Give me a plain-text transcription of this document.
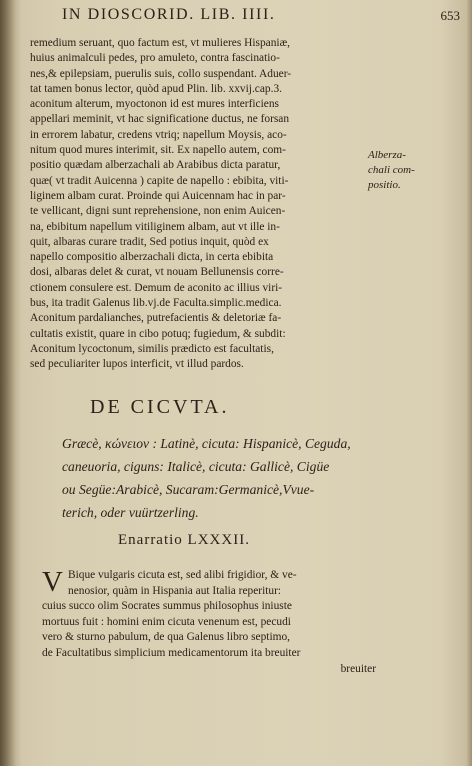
IN DIOSCORID. LIB. IIII.	653
remedium seruant, quo factum est, vt mulieres Hispaniæ,
huius animalculi pedes, pro amuleto, contra fascinatio-
nes,& epilepsiam, puerulis suis, collo suspendant. Aduer-
tat tamen bonus lector, quòd apud Plin. lib. xxvij.cap.3.
aconitum alterum, myoctonon id est mures interficiens
appellari meminit, vt hac significatione ductus, ne forsan
in errorem labatur, credens vtriq; napellum Moysis, aco-
nitum quod mures interimit, sit. Ex napello autem, com-
positio quædam alberzachali ab Arabibus dicta paratur,
quæ( vt tradit Auicenna ) capite de napello : ebibita, viti-
liginem albam curat. Proinde qui Auicennam hac in par-
te vellicant, digni sunt reprehensione, non enim Auicen-
na, ebibitum napellum vitiliginem albam, aut vt ille in-
quit, albaras curare tradit, Sed potius inquit, quòd ex
napello compositio alberzachali dicta, in certa ebibita
dosi, albaras delet & curat, vt nouam Bellunensis corre-
ctionem consulere est. Demum de aconito ac illius viri-
bus, ita tradit Galenus lib.vj.de Faculta.simplic.medica.
Aconitum pardalianches, putrefacientis & deletoriæ fa-
cultatis existit, quare in cibo potuq; fugiedum, & subdit:
Aconitum lycoctonum, similis prædicto est facultatis,
sed peculiariter lupos interficit, vt illud pardos.
Alberza-
chali com-
positio.
DE CICVTA.
Græcè, κώνειον : Latinè, cicuta: Hispanicè, Ceguda,
caneuoria, ciguns: Italicè, cicuta: Gallicè, Cigüe
ou Següe:Arabicè, Sucaram:Germanicè,Vvue-
terich, oder vuürtzerling.
Enarratio LXXXII.
V Bique vulgaris cicuta est, sed alibi frigidior, & ve-
nenosior, quàm in Hispania aut Italia reperitur:
cuius succo olim Socrates summus philosophus iniuste
mortuus fuit : homini enim cicuta venenum est, pecudi
vero & sturno pabulum, de qua Galenus libro septimo,
de Facultatibus simplicium medicamentorum ita breuiter
breuiter
